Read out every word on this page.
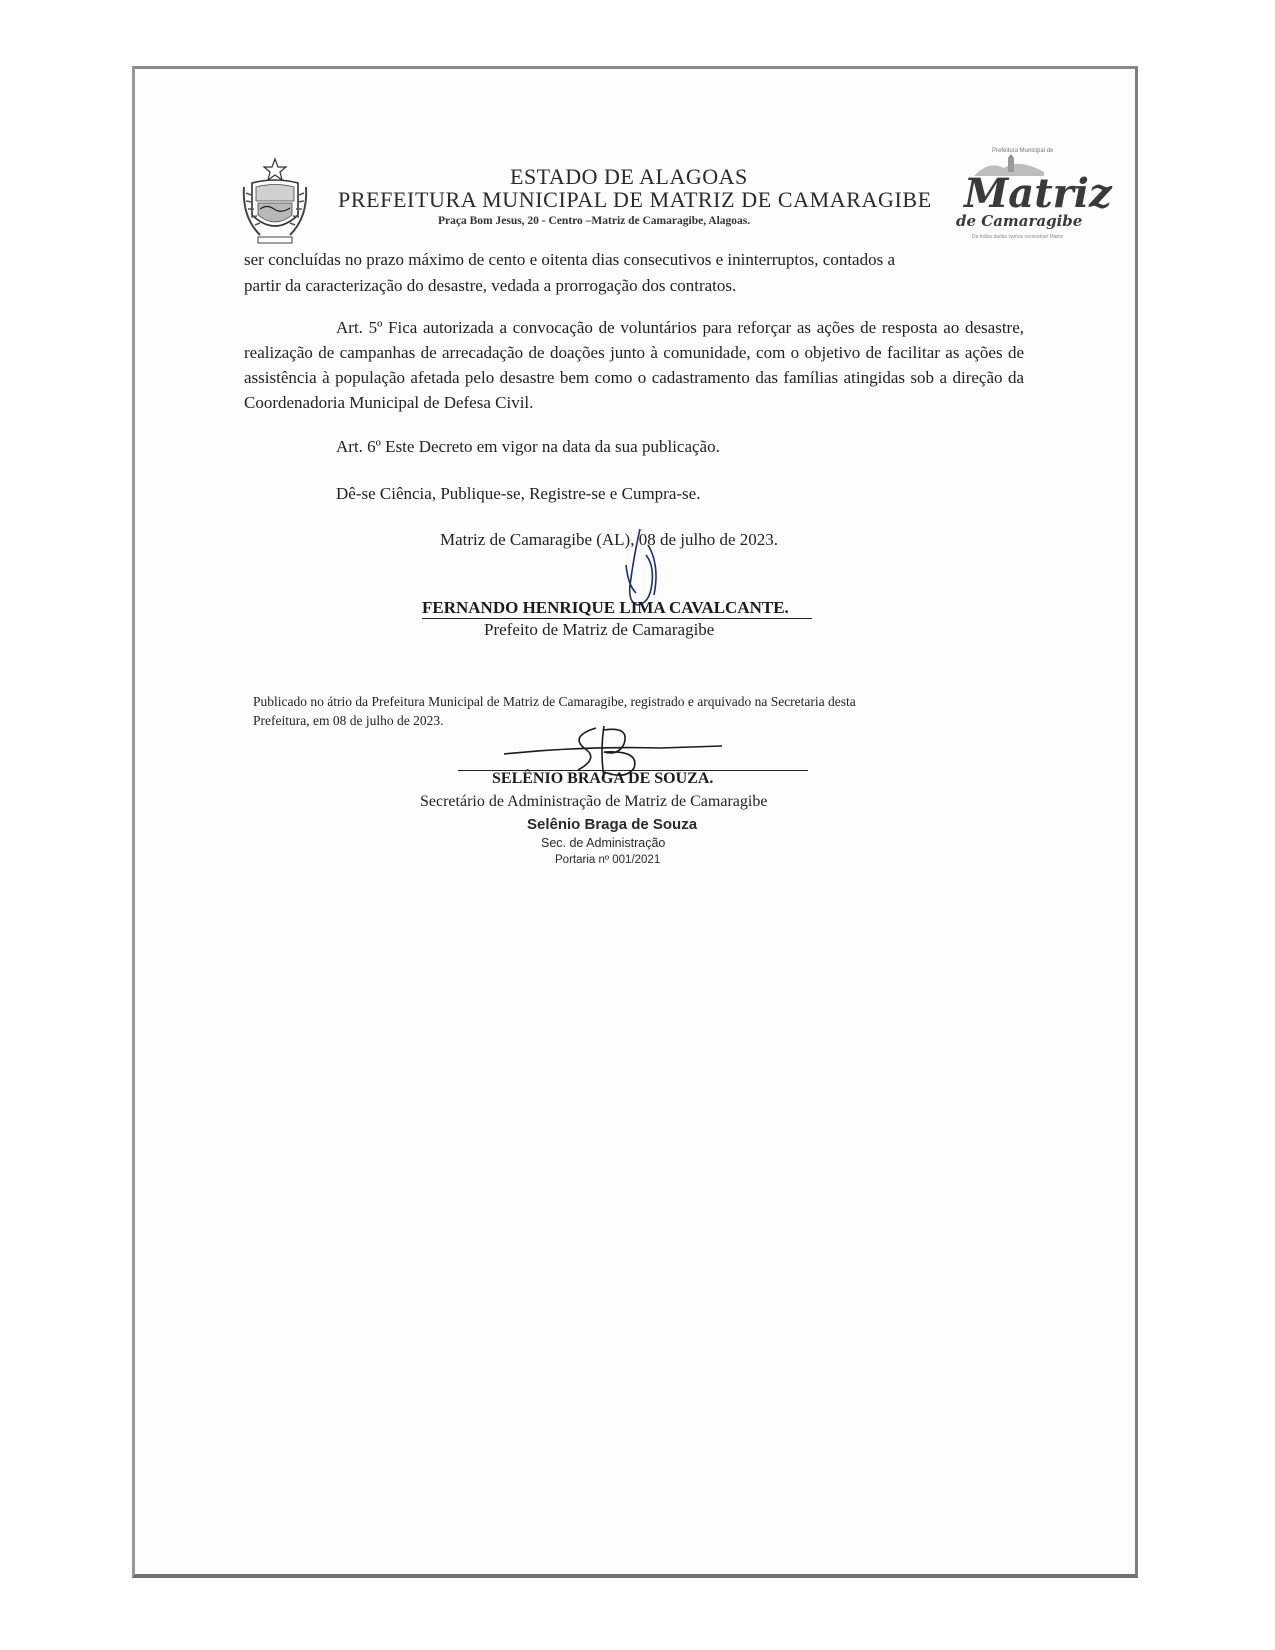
ESTADO DE ALAGOAS
PREFEITURA MUNICIPAL DE MATRIZ DE CAMARAGIBE
Praça Bom Jesus, 20 - Centro –Matriz de Camaragibe, Alagoas.
Prefeitura Municipal de
Matriz
de Camaragibe
De mãos dadas vamos reconstruir Matriz
ser concluídas no prazo máximo de cento e oitenta dias consecutivos e ininterruptos, contados a
partir da caracterização do desastre, vedada a prorrogação dos contratos.
Art. 5º Fica autorizada a convocação de voluntários para reforçar as ações de resposta ao desastre, realização de campanhas de arrecadação de doações junto à comunidade, com o objetivo de facilitar as ações de assistência à população afetada pelo desastre bem como o cadastramento das famílias atingidas sob a direção da Coordenadoria Municipal de Defesa Civil.
Art. 6º Este Decreto em vigor na data da sua publicação.
Dê-se Ciência, Publique-se, Registre-se e Cumpra-se.
Matriz de Camaragibe (AL), 08 de julho de 2023.
FERNANDO HENRIQUE LIMA CAVALCANTE.
Prefeito de Matriz de Camaragibe
Publicado no átrio da Prefeitura Municipal de Matriz de Camaragibe, registrado e arquivado na Secretaria desta
Prefeitura, em 08 de julho de 2023.
SELÊNIO BRAGA DE SOUZA.
Secretário de Administração de Matriz de Camaragibe
Selênio Braga de Souza
Sec. de Administração
Portaria nº 001/2021
